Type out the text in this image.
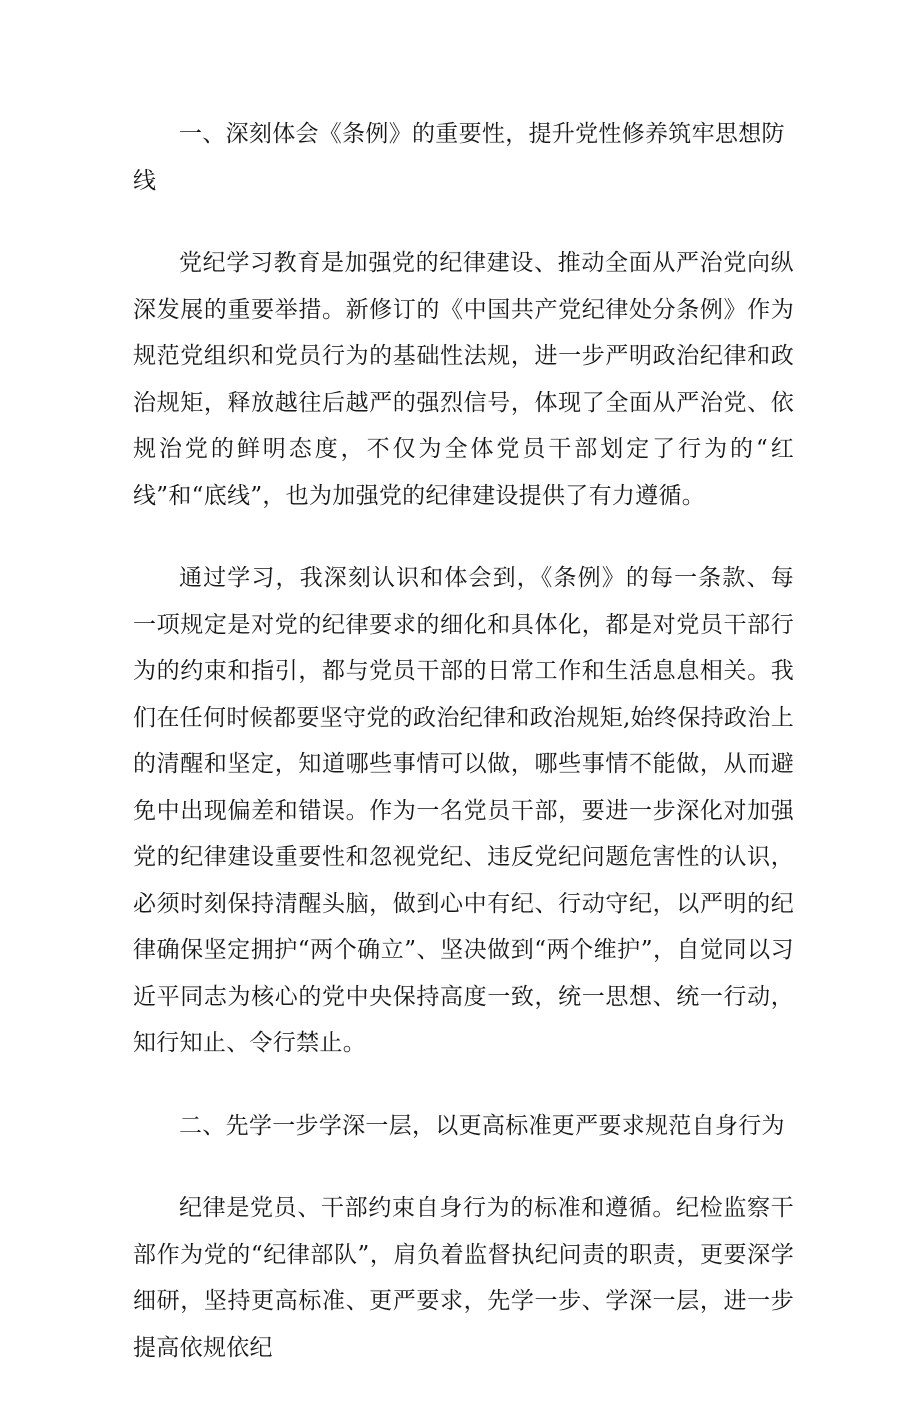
一、深刻体会《条例》的重要性，提升党性修养筑牢思想防线

党纪学习教育是加强党的纪律建设、推动全面从严治党向纵深发展的重要举措。新修订的《中国共产党纪律处分条例》作为规范党组织和党员行为的基础性法规，进一步严明政治纪律和政治规矩，释放越往后越严的强烈信号，体现了全面从严治党、依规治党的鲜明态度，不仅为全体党员干部划定了行为的“红线”和“底线”，也为加强党的纪律建设提供了有力遵循。

通过学习，我深刻认识和体会到，《条例》的每一条款、每一项规定是对党的纪律要求的细化和具体化，都是对党员干部行为的约束和指引，都与党员干部的日常工作和生活息息相关。我们在任何时候都要坚守党的政治纪律和政治规矩,始终保持政治上的清醒和坚定，知道哪些事情可以做，哪些事情不能做，从而避免中出现偏差和错误。作为一名党员干部，要进一步深化对加强党的纪律建设重要性和忽视党纪、违反党纪问题危害性的认识，必须时刻保持清醒头脑，做到心中有纪、行动守纪，以严明的纪律确保坚定拥护“两个确立”、坚决做到“两个维护”，自觉同以习近平同志为核心的党中央保持高度一致，统一思想、统一行动，知行知止、令行禁止。

二、先学一步学深一层，以更高标准更严要求规范自身行为

纪律是党员、干部约束自身行为的标准和遵循。纪检监察干部作为党的“纪律部队”，肩负着监督执纪问责的职责，更要深学细研，坚持更高标准、更严要求，先学一步、学深一层，进一步提高依规依纪
